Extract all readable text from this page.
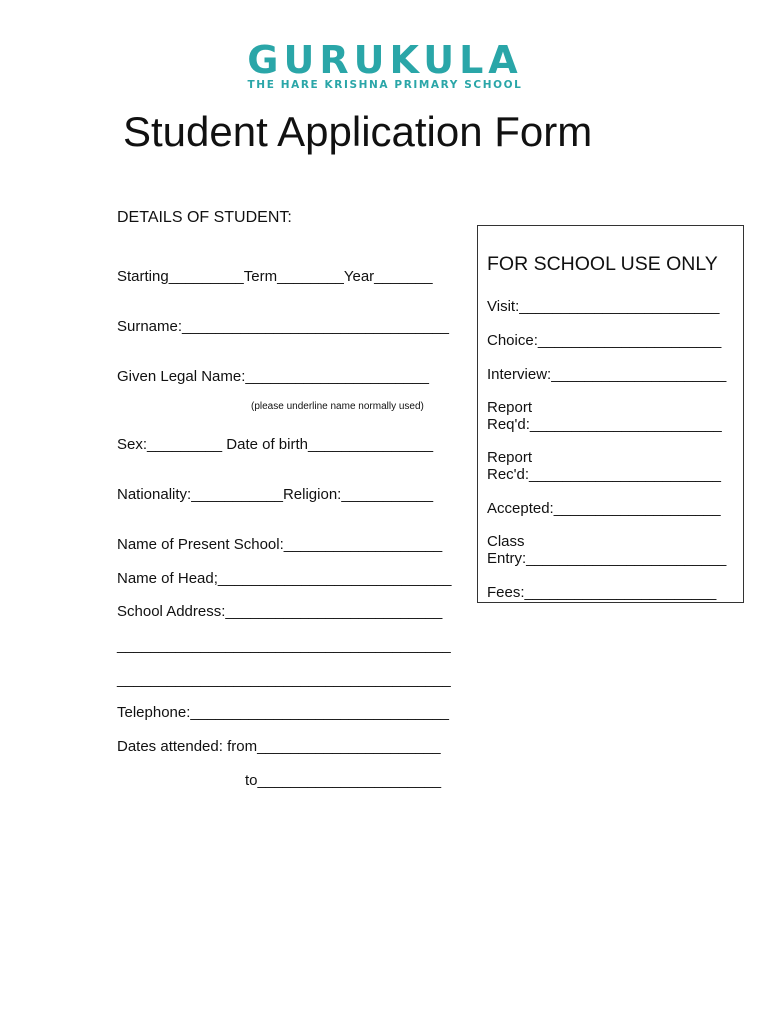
GURUKULA
THE HARE KRISHNA PRIMARY SCHOOL
Student Application Form
DETAILS OF STUDENT:
Starting_________Term________Year_______
Surname:________________________________
Given Legal Name:______________________
(please underline name normally used)
Sex:_________ Date of birth_______________
Nationality:___________Religion:___________
Name of Present School:___________________
Name of Head;____________________________
School Address:__________________________
________________________________________
________________________________________
Telephone:_______________________________
Dates attended: from______________________
to______________________
FOR SCHOOL USE ONLY
Visit:________________________
Choice:______________________
Interview:_____________________
Report
Req'd:_______________________
Report
Rec'd:_______________________
Accepted:____________________
Class
Entry:________________________
Fees:_______________________
